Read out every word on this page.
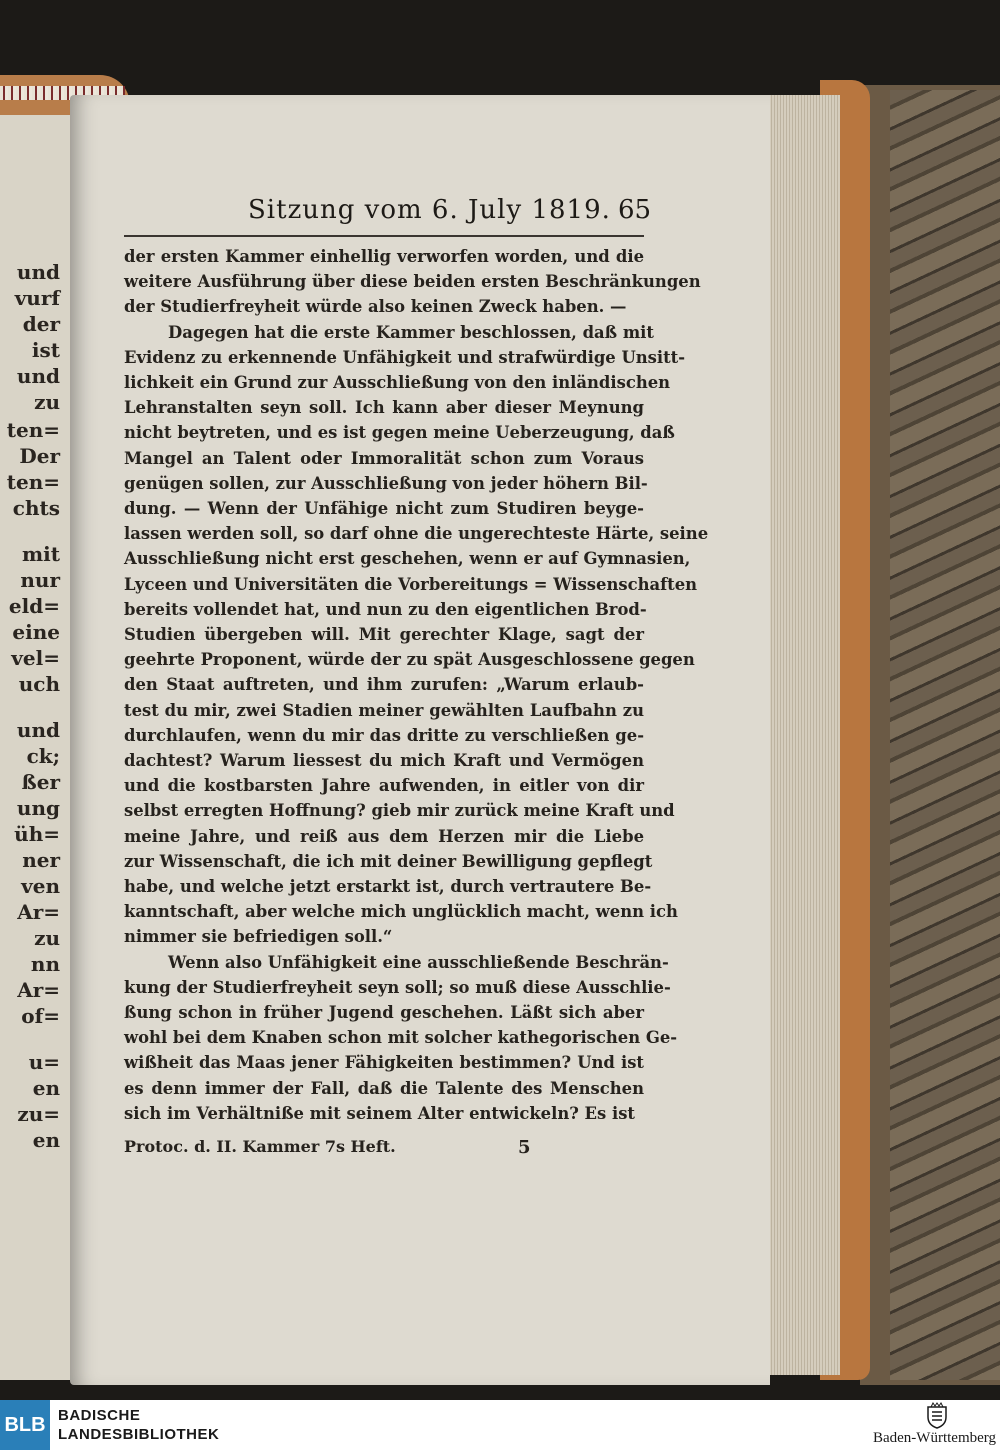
und
vurf
der
ist
und
zu
ten=
Der
ten=
chts
mit
nur
eld=
eine
vel=
uch
und
ck;
ßer
ung
üh=
ner
ven
Ar=
zu
nn
Ar=
of=
u=
en
zu=
en
Sitzung vom 6. July 1819. 65
der ersten Kammer einhellig verworfen worden, und die
weitere Ausführung über diese beiden ersten Beschränkungen
der Studierfreyheit würde also keinen Zweck haben. —
Dagegen hat die erste Kammer beschlossen, daß mit
Evidenz zu erkennende Unfähigkeit und strafwürdige Unsitt-
lichkeit ein Grund zur Ausschließung von den inländischen
Lehranstalten seyn soll. Ich kann aber dieser Meynung
nicht beytreten, und es ist gegen meine Ueberzeugung, daß
Mangel an Talent oder Immoralität schon zum Voraus
genügen sollen, zur Ausschließung von jeder höhern Bil-
dung. — Wenn der Unfähige nicht zum Studiren beyge-
lassen werden soll, so darf ohne die ungerechteste Härte, seine
Ausschließung nicht erst geschehen, wenn er auf Gymnasien,
Lyceen und Universitäten die Vorbereitungs = Wissenschaften
bereits vollendet hat, und nun zu den eigentlichen Brod-
Studien übergeben will. Mit gerechter Klage, sagt der
geehrte Proponent, würde der zu spät Ausgeschlossene gegen
den Staat auftreten, und ihm zurufen: „Warum erlaub-
test du mir, zwei Stadien meiner gewählten Laufbahn zu
durchlaufen, wenn du mir das dritte zu verschließen ge-
dachtest? Warum liessest du mich Kraft und Vermögen
und die kostbarsten Jahre aufwenden, in eitler von dir
selbst erregten Hoffnung? gieb mir zurück meine Kraft und
meine Jahre, und reiß aus dem Herzen mir die Liebe
zur Wissenschaft, die ich mit deiner Bewilligung gepflegt
habe, und welche jetzt erstarkt ist, durch vertrautere Be-
kanntschaft, aber welche mich unglücklich macht, wenn ich
nimmer sie befriedigen soll.“
Wenn also Unfähigkeit eine ausschließende Beschrän-
kung der Studierfreyheit seyn soll; so muß diese Ausschlie-
ßung schon in früher Jugend geschehen. Läßt sich aber
wohl bei dem Knaben schon mit solcher kathegorischen Ge-
wißheit das Maas jener Fähigkeiten bestimmen? Und ist
es denn immer der Fall, daß die Talente des Menschen
sich im Verhältniße mit seinem Alter entwickeln? Es ist
Protoc. d. II. Kammer 7s Heft.	5
BLB BADISCHE
LANDESBIBLIOTHEK	Baden-Württemberg
